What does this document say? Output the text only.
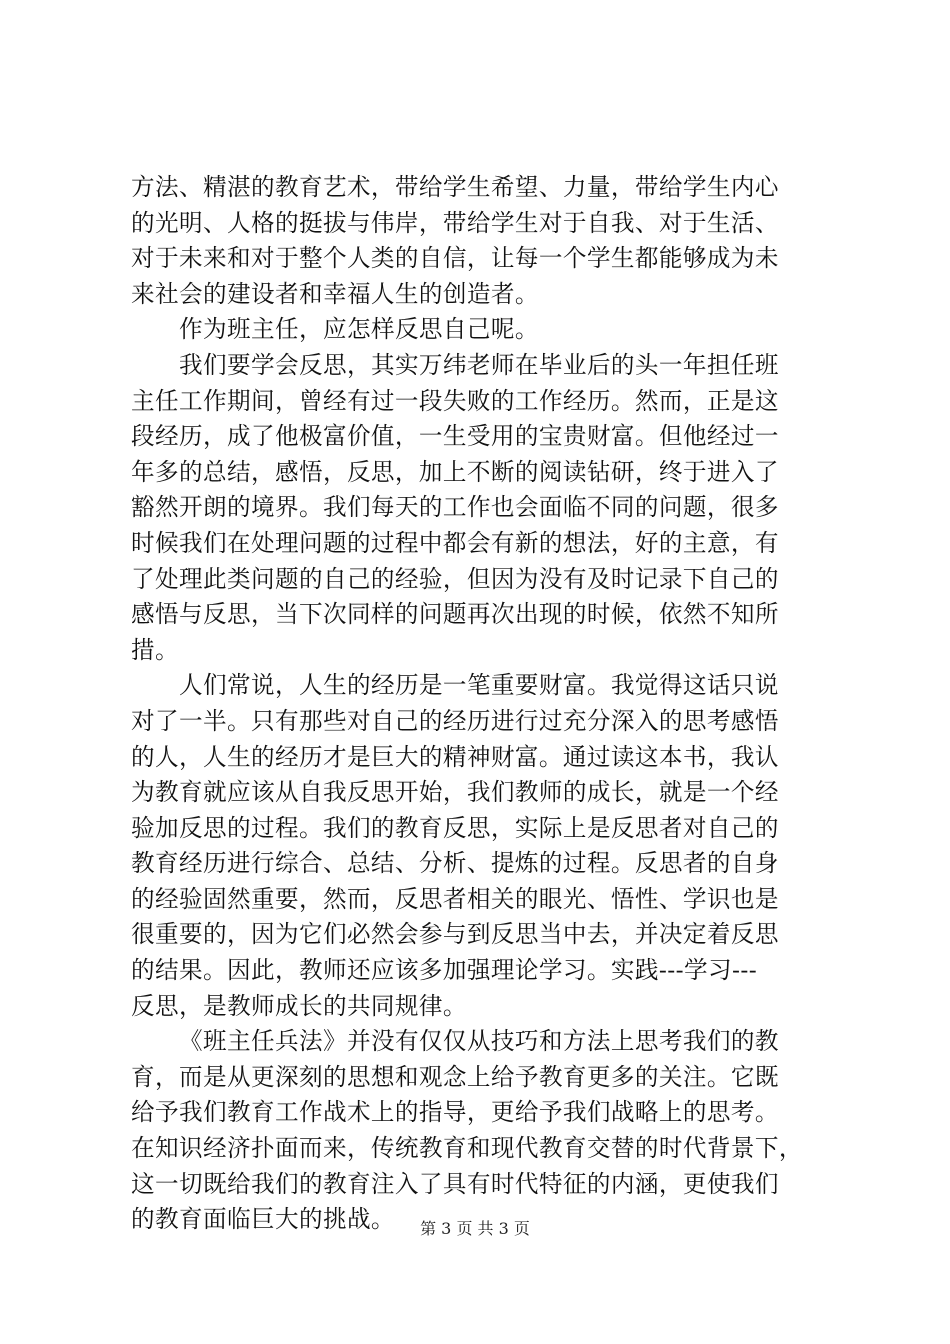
方法、精湛的教育艺术，带给学生希望、力量，带给学生内心
的光明、人格的挺拔与伟岸，带给学生对于自我、对于生活、
对于未来和对于整个人类的自信，让每一个学生都能够成为未
来社会的建设者和幸福人生的创造者。
作为班主任，应怎样反思自己呢。
我们要学会反思，其实万纬老师在毕业后的头一年担任班
主任工作期间，曾经有过一段失败的工作经历。然而，正是这
段经历，成了他极富价值，一生受用的宝贵财富。但他经过一
年多的总结，感悟，反思，加上不断的阅读钻研，终于进入了
豁然开朗的境界。我们每天的工作也会面临不同的问题，很多
时候我们在处理问题的过程中都会有新的想法，好的主意，有
了处理此类问题的自己的经验，但因为没有及时记录下自己的
感悟与反思，当下次同样的问题再次出现的时候，依然不知所
措。
人们常说，人生的经历是一笔重要财富。我觉得这话只说
对了一半。只有那些对自己的经历进行过充分深入的思考感悟
的人，人生的经历才是巨大的精神财富。通过读这本书，我认
为教育就应该从自我反思开始，我们教师的成长，就是一个经
验加反思的过程。我们的教育反思，实际上是反思者对自己的
教育经历进行综合、总结、分析、提炼的过程。反思者的自身
的经验固然重要，然而，反思者相关的眼光、悟性、学识也是
很重要的，因为它们必然会参与到反思当中去，并决定着反思
的结果。因此，教师还应该多加强理论学习。实践---学习---
反思，是教师成长的共同规律。
《班主任兵法》并没有仅仅从技巧和方法上思考我们的教
育，而是从更深刻的思想和观念上给予教育更多的关注。它既
给予我们教育工作战术上的指导，更给予我们战略上的思考。
在知识经济扑面而来，传统教育和现代教育交替的时代背景下，
这一切既给我们的教育注入了具有时代特征的内涵，更使我们
的教育面临巨大的挑战。	第 3 页 共 3 页
